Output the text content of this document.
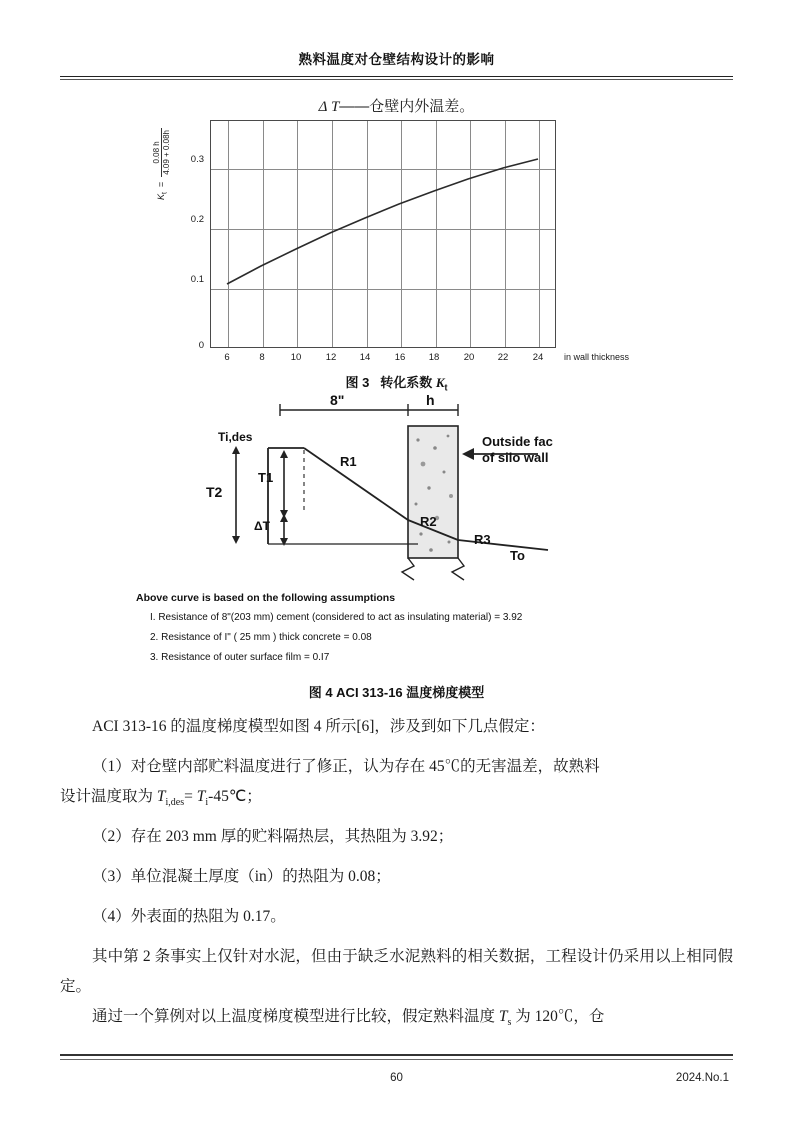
熟料温度对仓壁结构设计的影响
Δ T——仓壁内外温差。
$K_t$  =
0.08 h 4.09 + 0.08h	0.3
0.2
0.1
0
6	8	10	12 14	16 18	20 22	24	in wall thickness
图 3 转化系数 $K_t$
8"	h
Ti,des
T2
T1
ΔT
R1
R2
R3
To
Outside fac
of silo wall
Above curve is based on the following assumptions
I. Resistance of 8"(203 mm) cement (considered to act as insulating material) = 3.92
2. Resistance of I" ( 25 mm ) thick concrete = 0.08
3. Resistance of outer surface film = 0.I7
图 4 ACI 313-16 温度梯度模型
ACI 313-16 的温度梯度模型如图 4 所示[6]，涉及到如下几点假定：
（1）对仓壁内部贮料温度进行了修正，认为存在 45℃的无害温差，故熟料
设计温度取为 $T_{i,des}=$ $T_i-45℃$；
（2）存在 203 mm 厚的贮料隔热层，其热阻为 3.92；
（3）单位混凝土厚度（in）的热阻为 0.08；
（4）外表面的热阻为 0.17。
其中第 2 条事实上仅针对水泥，但由于缺乏水泥熟料的相关数据，工程设计仍采用以上相同假定。
通过一个算例对以上温度梯度模型进行比较，假定熟料温度 $T_s$ 为 120℃，仓
60	2024.No.1
